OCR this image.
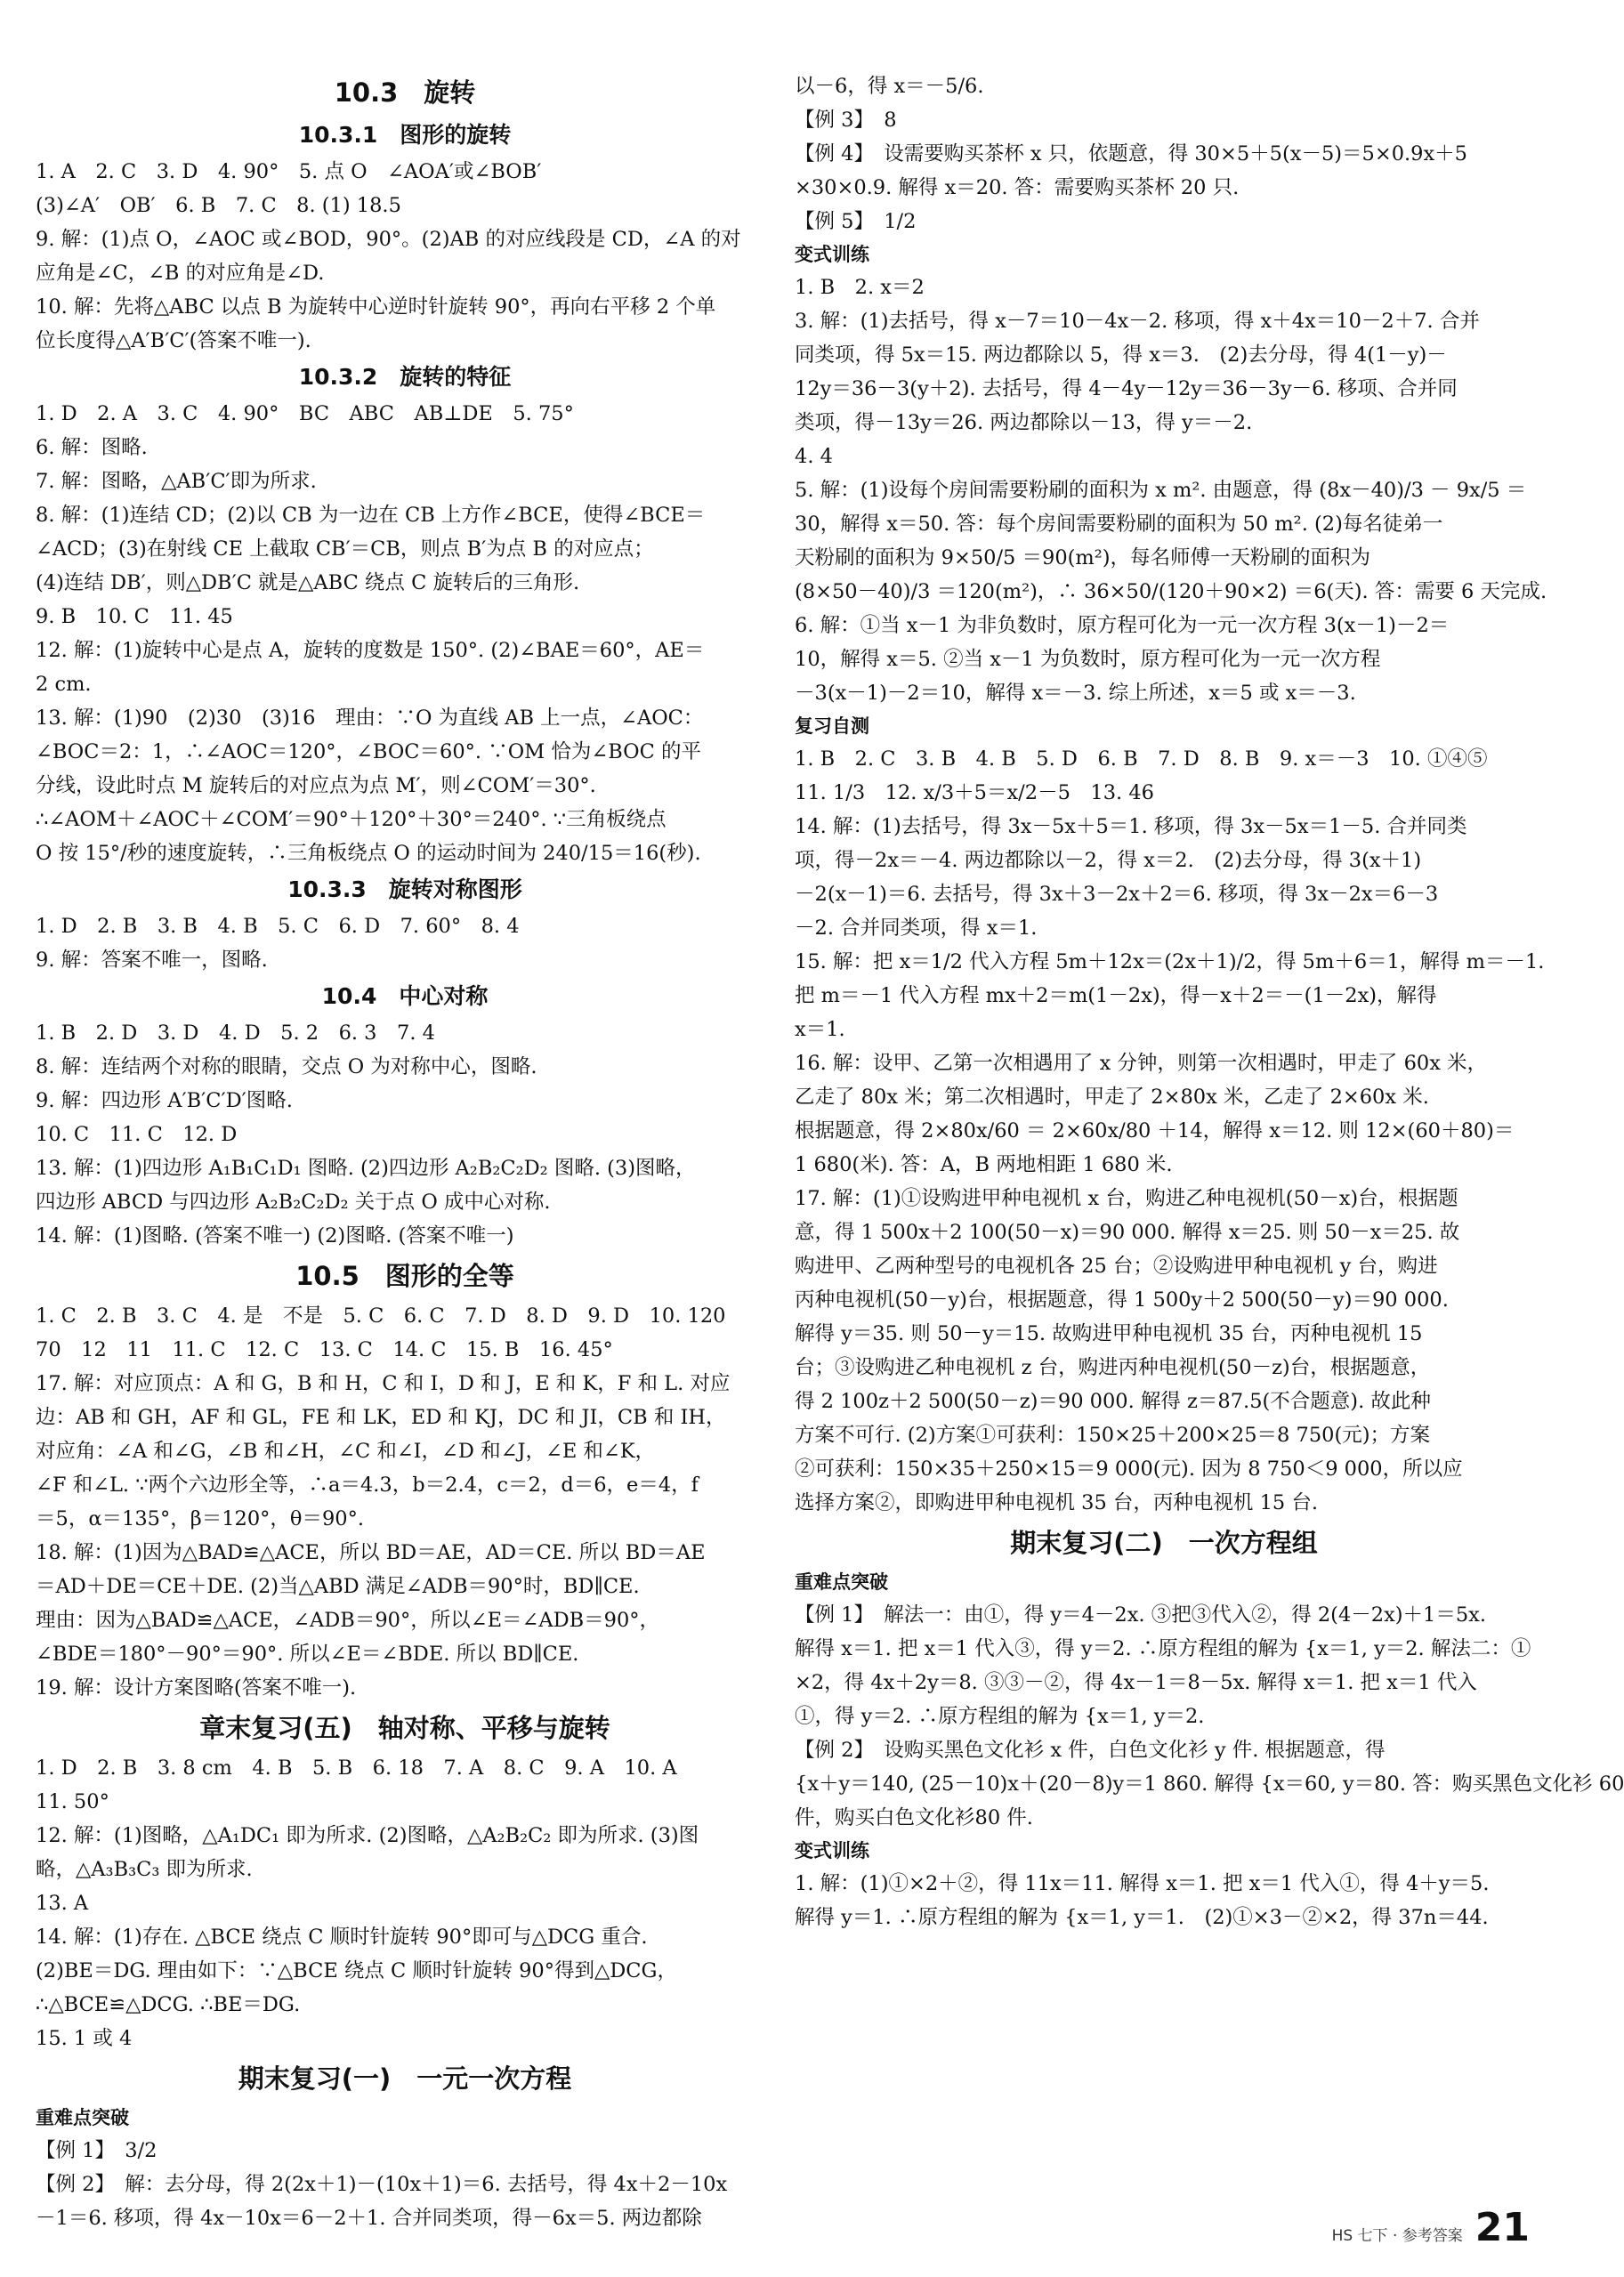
10.3　旋转
10.3.1　图形的旋转
1. A　2. C　3. D　4. 90°　5. 点 O　∠AOA′或∠BOB′
(3)∠A′　OB′　6. B　7. C　8. (1) 18.5
9. 解：(1)点 O，∠AOC 或∠BOD，90°。(2)AB 的对应线段是 CD，∠A 的对
应角是∠C，∠B 的对应角是∠D.
10. 解：先将△ABC 以点 B 为旋转中心逆时针旋转 90°，再向右平移 2 个单
位长度得△A′B′C′(答案不唯一).
10.3.2　旋转的特征
1. D　2. A　3. C　4. 90°　BC　ABC　AB⊥DE　5. 75°
6. 解：图略.
7. 解：图略，△AB′C′即为所求.
8. 解：(1)连结 CD；(2)以 CB 为一边在 CB 上方作∠BCE，使得∠BCE＝
∠ACD；(3)在射线 CE 上截取 CB′＝CB，则点 B′为点 B 的对应点；
(4)连结 DB′，则△DB′C 就是△ABC 绕点 C 旋转后的三角形.
9. B　10. C　11. 45
12. 解：(1)旋转中心是点 A，旋转的度数是 150°. (2)∠BAE＝60°，AE＝
2 cm.
13. 解：(1)90　(2)30　(3)16　理由：∵O 为直线 AB 上一点，∠AOC：
∠BOC＝2：1，∴∠AOC＝120°，∠BOC＝60°. ∵OM 恰为∠BOC 的平
分线，设此时点 M 旋转后的对应点为点 M′，则∠COM′＝30°.
∴∠AOM＋∠AOC＋∠COM′＝90°＋120°＋30°＝240°. ∵三角板绕点
O 按 15°/秒的速度旋转，∴三角板绕点 O 的运动时间为 240/15＝16(秒).
10.3.3　旋转对称图形
1. D　2. B　3. B　4. B　5. C　6. D　7. 60°　8. 4
9. 解：答案不唯一，图略.
10.4　中心对称
1. B　2. D　3. D　4. D　5. 2　6. 3　7. 4
8. 解：连结两个对称的眼睛，交点 O 为对称中心，图略.
9. 解：四边形 A′B′C′D′图略.
10. C　11. C　12. D
13. 解：(1)四边形 A₁B₁C₁D₁ 图略. (2)四边形 A₂B₂C₂D₂ 图略. (3)图略，
四边形 ABCD 与四边形 A₂B₂C₂D₂ 关于点 O 成中心对称.
14. 解：(1)图略. (答案不唯一) (2)图略. (答案不唯一)
10.5　图形的全等
1. C　2. B　3. C　4. 是　不是　5. C　6. C　7. D　8. D　9. D　10. 120
70　12　11　11. C　12. C　13. C　14. C　15. B　16. 45°
17. 解：对应顶点：A 和 G，B 和 H，C 和 I，D 和 J，E 和 K，F 和 L. 对应
边：AB 和 GH，AF 和 GL，FE 和 LK，ED 和 KJ，DC 和 JI，CB 和 IH，
对应角：∠A 和∠G，∠B 和∠H，∠C 和∠I，∠D 和∠J，∠E 和∠K，
∠F 和∠L. ∵两个六边形全等，∴a＝4.3，b＝2.4，c＝2，d＝6，e＝4，f
＝5，α＝135°，β＝120°，θ＝90°.
18. 解：(1)因为△BAD≌△ACE，所以 BD＝AE，AD＝CE. 所以 BD＝AE
＝AD＋DE＝CE＋DE. (2)当△ABD 满足∠ADB＝90°时，BD∥CE.
理由：因为△BAD≌△ACE，∠ADB＝90°，所以∠E＝∠ADB＝90°，
∠BDE＝180°－90°＝90°. 所以∠E＝∠BDE. 所以 BD∥CE.
19. 解：设计方案图略(答案不唯一).
章末复习(五)　轴对称、平移与旋转
1. D　2. B　3. 8 cm　4. B　5. B　6. 18　7. A　8. C　9. A　10. A
11. 50°
12. 解：(1)图略，△A₁DC₁ 即为所求. (2)图略，△A₂B₂C₂ 即为所求. (3)图
略，△A₃B₃C₃ 即为所求.
13. A
14. 解：(1)存在. △BCE 绕点 C 顺时针旋转 90°即可与△DCG 重合.
(2)BE＝DG. 理由如下：∵△BCE 绕点 C 顺时针旋转 90°得到△DCG，
∴△BCE≌△DCG. ∴BE＝DG.
15. 1 或 4
期末复习(一)　一元一次方程
重难点突破
【例 1】　3/2
【例 2】　解：去分母，得 2(2x＋1)－(10x＋1)＝6. 去括号，得 4x＋2－10x
－1＝6. 移项，得 4x－10x＝6－2＋1. 合并同类项，得－6x＝5. 两边都除
以－6，得 x＝－5/6.
【例 3】　8
【例 4】　设需要购买茶杯 x 只，依题意，得 30×5＋5(x－5)＝5×0.9x＋5
×30×0.9. 解得 x＝20. 答：需要购买茶杯 20 只.
【例 5】　1/2
变式训练
1. B　2. x＝2
3. 解：(1)去括号，得 x－7＝10－4x－2. 移项，得 x＋4x＝10－2＋7. 合并
同类项，得 5x＝15. 两边都除以 5，得 x＝3.　(2)去分母，得 4(1－y)－
12y＝36－3(y＋2). 去括号，得 4－4y－12y＝36－3y－6. 移项、合并同
类项，得－13y＝26. 两边都除以－13，得 y＝－2.
4. 4
5. 解：(1)设每个房间需要粉刷的面积为 x m². 由题意，得 (8x－40)/3 － 9x/5 ＝
30，解得 x＝50. 答：每个房间需要粉刷的面积为 50 m². (2)每名徒弟一
天粉刷的面积为 9×50/5 ＝90(m²)，每名师傅一天粉刷的面积为
(8×50－40)/3 ＝120(m²)，∴ 36×50/(120＋90×2) ＝6(天). 答：需要 6 天完成.
6. 解：①当 x－1 为非负数时，原方程可化为一元一次方程 3(x－1)－2＝
10，解得 x＝5. ②当 x－1 为负数时，原方程可化为一元一次方程
－3(x－1)－2＝10，解得 x＝－3. 综上所述，x＝5 或 x＝－3.
复习自测
1. B　2. C　3. B　4. B　5. D　6. B　7. D　8. B　9. x＝－3　10. ①④⑤
11. 1/3　12. x/3＋5＝x/2－5　13. 46
14. 解：(1)去括号，得 3x－5x＋5＝1. 移项，得 3x－5x＝1－5. 合并同类
项，得－2x＝－4. 两边都除以－2，得 x＝2.　(2)去分母，得 3(x＋1)
－2(x－1)＝6. 去括号，得 3x＋3－2x＋2＝6. 移项，得 3x－2x＝6－3
－2. 合并同类项，得 x＝1.
15. 解：把 x＝1/2 代入方程 5m＋12x＝(2x＋1)/2，得 5m＋6＝1，解得 m＝－1.
把 m＝－1 代入方程 mx＋2＝m(1－2x)，得－x＋2＝－(1－2x)，解得
x＝1.
16. 解：设甲、乙第一次相遇用了 x 分钟，则第一次相遇时，甲走了 60x 米，
乙走了 80x 米；第二次相遇时，甲走了 2×80x 米，乙走了 2×60x 米.
根据题意，得 2×80x/60 ＝ 2×60x/80 ＋14，解得 x＝12. 则 12×(60＋80)＝
1 680(米). 答：A，B 两地相距 1 680 米.
17. 解：(1)①设购进甲种电视机 x 台，购进乙种电视机(50－x)台，根据题
意，得 1 500x＋2 100(50－x)＝90 000. 解得 x＝25. 则 50－x＝25. 故
购进甲、乙两种型号的电视机各 25 台；②设购进甲种电视机 y 台，购进
丙种电视机(50－y)台，根据题意，得 1 500y＋2 500(50－y)＝90 000.
解得 y＝35. 则 50－y＝15. 故购进甲种电视机 35 台，丙种电视机 15
台；③设购进乙种电视机 z 台，购进丙种电视机(50－z)台，根据题意，
得 2 100z＋2 500(50－z)＝90 000. 解得 z＝87.5(不合题意). 故此种
方案不可行. (2)方案①可获利：150×25＋200×25＝8 750(元)；方案
②可获利：150×35＋250×15＝9 000(元). 因为 8 750＜9 000，所以应
选择方案②，即购进甲种电视机 35 台，丙种电视机 15 台.
期末复习(二)　一次方程组
重难点突破
【例 1】　解法一：由①，得 y＝4－2x. ③把③代入②，得 2(4－2x)＋1＝5x.
解得 x＝1. 把 x＝1 代入③，得 y＝2. ∴原方程组的解为 {x＝1, y＝2. 解法二：①
×2，得 4x＋2y＝8. ③③－②，得 4x－1＝8－5x. 解得 x＝1. 把 x＝1 代入
①，得 y＝2. ∴原方程组的解为 {x＝1, y＝2.
【例 2】　设购买黑色文化衫 x 件，白色文化衫 y 件. 根据题意，得
{x＋y＝140, (25－10)x＋(20－8)y＝1 860. 解得 {x＝60, y＝80. 答：购买黑色文化衫 60
件，购买白色文化衫80 件.
变式训练
1. 解：(1)①×2＋②，得 11x＝11. 解得 x＝1. 把 x＝1 代入①，得 4＋y＝5.
解得 y＝1. ∴原方程组的解为 {x＝1, y＝1.　(2)①×3－②×2，得 37n＝44.
HS 七下 · 参考答案 21
